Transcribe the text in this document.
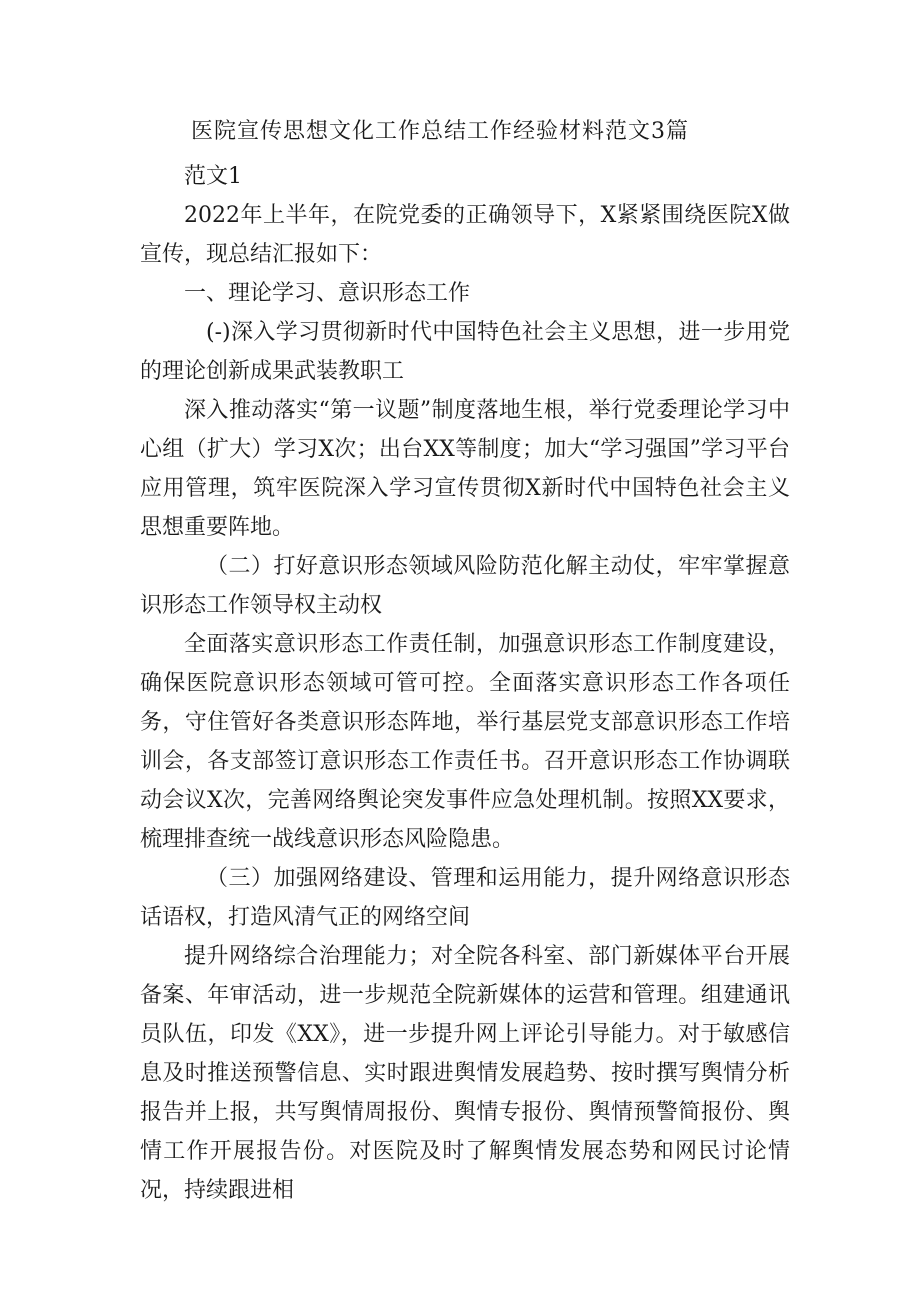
医院宣传思想文化工作总结工作经验材料范文3篇

范文1

2022年上半年，在院党委的正确领导下，X紧紧围绕医院X做宣传，现总结汇报如下：

一、理论学习、意识形态工作

(-)深入学习贯彻新时代中国特色社会主义思想，进一步用党的理论创新成果武装教职工

深入推动落实“第一议题”制度落地生根，举行党委理论学习中心组（扩大）学习X次；出台XX等制度；加大“学习强国”学习平台应用管理，筑牢医院深入学习宣传贯彻X新时代中国特色社会主义思想重要阵地。

（二）打好意识形态领域风险防范化解主动仗，牢牢掌握意识形态工作领导权主动权

全面落实意识形态工作责任制，加强意识形态工作制度建设，确保医院意识形态领域可管可控。全面落实意识形态工作各项任务，守住管好各类意识形态阵地，举行基层党支部意识形态工作培训会，各支部签订意识形态工作责任书。召开意识形态工作协调联动会议X次，完善网络舆论突发事件应急处理机制。按照XX要求，梳理排查统一战线意识形态风险隐患。

（三）加强网络建设、管理和运用能力，提升网络意识形态话语权，打造风清气正的网络空间

提升网络综合治理能力；对全院各科室、部门新媒体平台开展备案、年审活动，进一步规范全院新媒体的运营和管理。组建通讯员队伍，印发《XX》，进一步提升网上评论引导能力。对于敏感信息及时推送预警信息、实时跟进舆情发展趋势、按时撰写舆情分析报告并上报，共写舆情周报份、舆情专报份、舆情预警简报份、舆情工作开展报告份。对医院及时了解舆情发展态势和网民讨论情况，持续跟进相
